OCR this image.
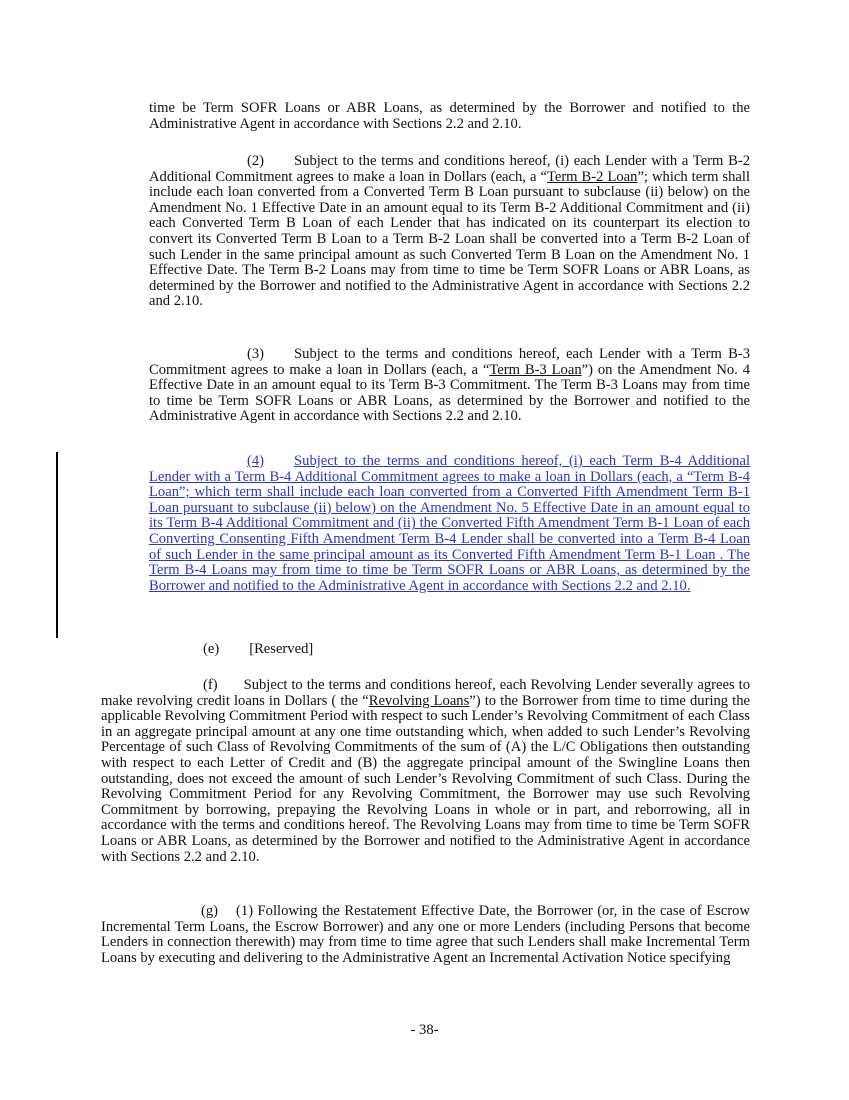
time be Term SOFR Loans or ABR Loans, as determined by the Borrower and notified to the Administrative Agent in accordance with Sections 2.2 and 2.10.

(2) Subject to the terms and conditions hereof, (i) each Lender with a Term B-2 Additional Commitment agrees to make a loan in Dollars (each, a “Term B-2 Loan”; which term shall include each loan converted from a Converted Term B Loan pursuant to subclause (ii) below) on the Amendment No. 1 Effective Date in an amount equal to its Term B-2 Additional Commitment and (ii) each Converted Term B Loan of each Lender that has indicated on its counterpart its election to convert its Converted Term B Loan to a Term B-2 Loan shall be converted into a Term B-2 Loan of such Lender in the same principal amount as such Converted Term B Loan on the Amendment No. 1 Effective Date. The Term B-2 Loans may from time to time be Term SOFR Loans or ABR Loans, as determined by the Borrower and notified to the Administrative Agent in accordance with Sections 2.2 and 2.10.

(3) Subject to the terms and conditions hereof, each Lender with a Term B-3 Commitment agrees to make a loan in Dollars (each, a “Term B-3 Loan”) on the Amendment No. 4 Effective Date in an amount equal to its Term B-3 Commitment. The Term B-3 Loans may from time to time be Term SOFR Loans or ABR Loans, as determined by the Borrower and notified to the Administrative Agent in accordance with Sections 2.2 and 2.10.

(4) Subject to the terms and conditions hereof, (i) each Term B-4 Additional Lender with a Term B-4 Additional Commitment agrees to make a loan in Dollars (each, a “Term B-4 Loan”; which term shall include each loan converted from a Converted Fifth Amendment Term B-1 Loan pursuant to subclause (ii) below) on the Amendment No. 5 Effective Date in an amount equal to its Term B-4 Additional Commitment and (ii) the Converted Fifth Amendment Term B-1 Loan of each Converting Consenting Fifth Amendment Term B-4 Lender shall be converted into a Term B-4 Loan of such Lender in the same principal amount as its Converted Fifth Amendment Term B-1 Loan . The Term B-4 Loans may from time to time be Term SOFR Loans or ABR Loans, as determined by the Borrower and notified to the Administrative Agent in accordance with Sections 2.2 and 2.10.

(e) [Reserved]

(f) Subject to the terms and conditions hereof, each Revolving Lender severally agrees to make revolving credit loans in Dollars ( the “Revolving Loans”) to the Borrower from time to time during the applicable Revolving Commitment Period with respect to such Lender’s Revolving Commitment of each Class in an aggregate principal amount at any one time outstanding which, when added to such Lender’s Revolving Percentage of such Class of Revolving Commitments of the sum of (A) the L/C Obligations then outstanding with respect to each Letter of Credit and (B) the aggregate principal amount of the Swingline Loans then outstanding, does not exceed the amount of such Lender’s Revolving Commitment of such Class. During the Revolving Commitment Period for any Revolving Commitment, the Borrower may use such Revolving Commitment by borrowing, prepaying the Revolving Loans in whole or in part, and reborrowing, all in accordance with the terms and conditions hereof. The Revolving Loans may from time to time be Term SOFR Loans or ABR Loans, as determined by the Borrower and notified to the Administrative Agent in accordance with Sections 2.2 and 2.10.

(g) (1) Following the Restatement Effective Date, the Borrower (or, in the case of Escrow Incremental Term Loans, the Escrow Borrower) and any one or more Lenders (including Persons that become Lenders in connection therewith) may from time to time agree that such Lenders shall make Incremental Term Loans by executing and delivering to the Administrative Agent an Incremental Activation Notice specifying

- 38-
